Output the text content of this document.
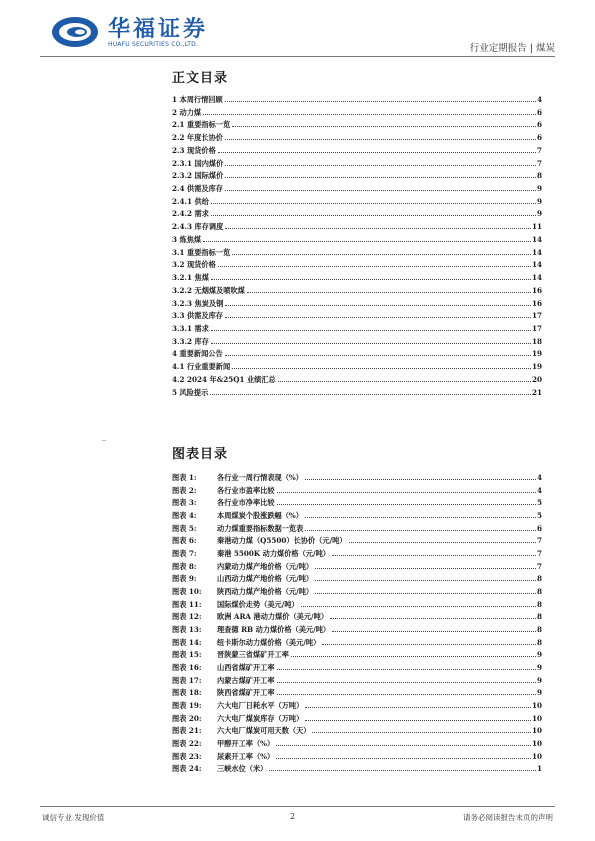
华福证券
HUAFU SECURITIES CO.,LTD.	行业定期报告 | 煤炭
正文目录
1 本周行情回顾	4
2 动力煤	6
2.1 重要指标一览	6
2.2 年度长协价	6
2.3 现货价格	7
2.3.1 国内煤价	7
2.3.2 国际煤价	8
2.4 供需及库存	9
2.4.1 供给	9
2.4.2 需求	9
2.4.3 库存调度	11
3 炼焦煤	14
3.1 重要指标一览	14
3.2 现货价格	14
3.2.1 焦煤	14
3.2.2 无烟煤及喷吹煤	16
3.2.3 焦炭及钢	16
3.3 供需及库存	17
3.3.1 需求	17
3.3.2 库存	18
4 重要新闻公告	19
4.1 行业重要新闻	19
4.2 2024 年&25Q1 业绩汇总	20
5 风险提示	21
图表目录
图表 1:	各行业一周行情表现（%）	4
图表 2:	各行业市盈率比较	4
图表 3:	各行业市净率比较	5
图表 4:	本周煤炭个股涨跌幅（%）	5
图表 5:	动力煤重要指标数据一览表	6
图表 6:	秦港动力煤（Q5500）长协价（元/吨）	7
图表 7:	秦港 5500K 动力煤价格（元/吨）	7
图表 8:	内蒙动力煤产地价格（元/吨）	7
图表 9:	山西动力煤产地价格（元/吨）	8
图表 10:	陕西动力煤产地价格（元/吨）	8
图表 11:	国际煤价走势（美元/吨）	8
图表 12:	欧洲 ARA 港动力煤价（美元/吨）	8
图表 13:	理查德 RB 动力煤价格（美元/吨）	8
图表 14:	纽卡斯尔动力煤价格（美元/吨）	8
图表 15:	晋陕蒙三省煤矿开工率	9
图表 16:	山西省煤矿开工率	9
图表 17:	内蒙古煤矿开工率	9
图表 18:	陕西省煤矿开工率	9
图表 19:	六大电厂日耗水平（万吨）	10
图表 20:	六大电厂煤炭库存（万吨）	10
图表 21:	六大电厂煤炭可用天数（天）	10
图表 22:	甲醇开工率（%）	10
图表 23:	尿素开工率（%）	10
图表 24:	三峡水位（米）	1
诚信专业 发现价值	2	请务必阅读报告末页的声明
